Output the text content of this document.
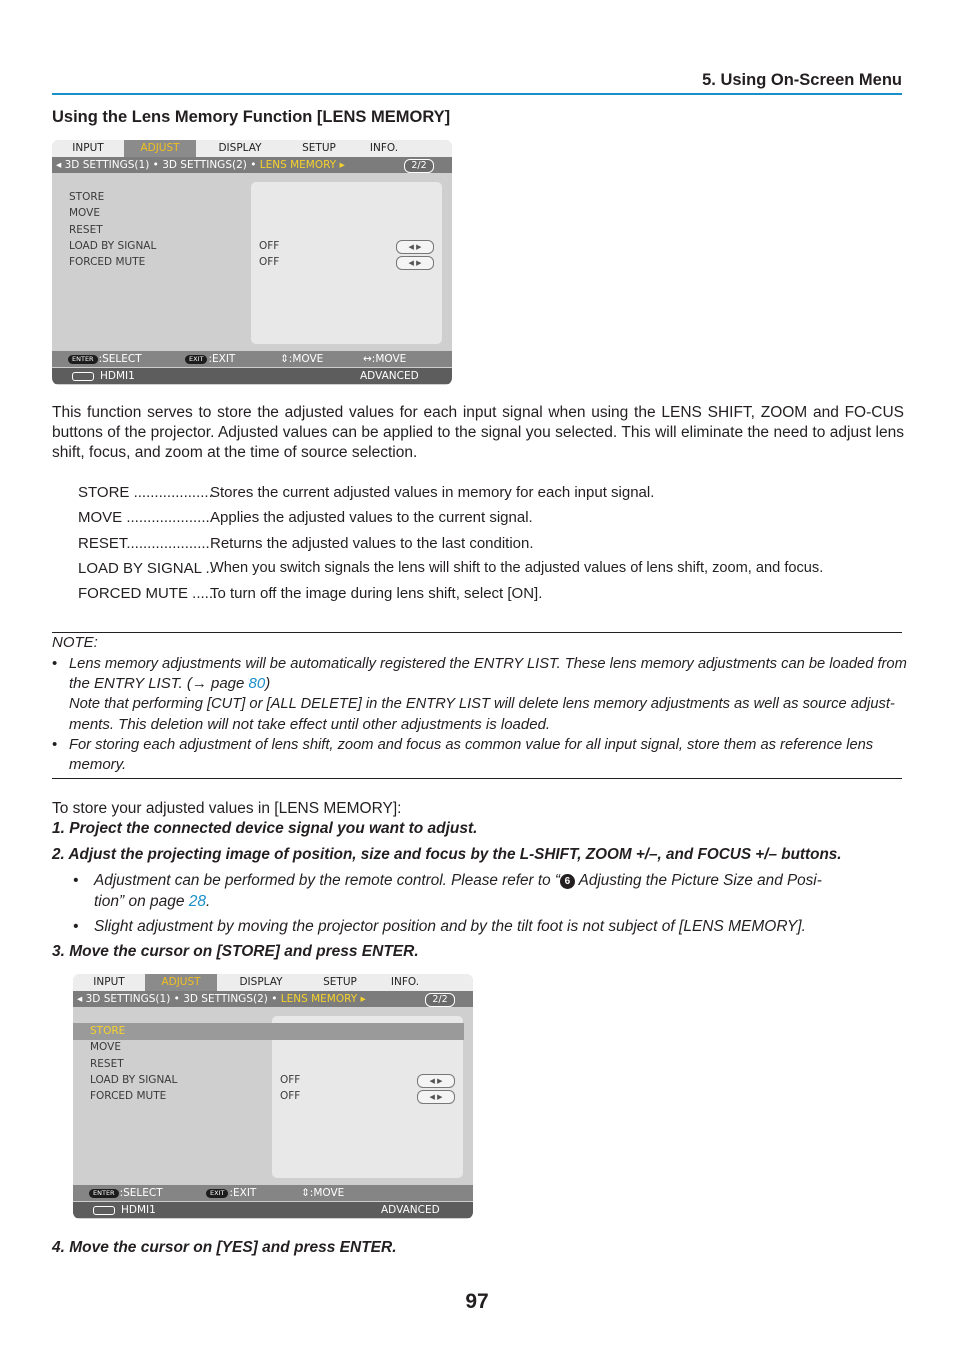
5. Using On-Screen Menu
Using the Lens Memory Function [LENS MEMORY]
INPUT	ADJUST	DISPLAY	SETUP	INFO.
◂ 3D SETTINGS(1) • 3D SETTINGS(2) • LENS MEMORY ▸	2/2
STORE
MOVE
RESET
LOAD BY SIGNAL
FORCED MUTE
OFF	◀ ▶
OFF	◀ ▶
ENTER :SELECT	EXIT :EXIT	⇕:MOVE	↔:MOVE
HDMI1	ADVANCED
This function serves to store the adjusted values for each input signal when using the LENS SHIFT, ZOOM and FO-CUS buttons of the projector. Adjusted values can be applied to the signal you selected. This will eliminate the need to adjust lens shift, focus, and zoom at the time of source selection.
STORE ...................
Stores the current adjusted values in memory for each input signal.
MOVE .................... Applies the adjusted values to the current signal.
RESET.................... Returns the adjusted values to the last condition.
LOAD BY SIGNAL ..
When you switch signals the lens will shift to the adjusted values of lens shift, zoom, and focus.
FORCED MUTE ......
To turn off the image during lens shift, select [ON].
NOTE:
• Lens memory adjustments will be automatically registered the ENTRY LIST. These lens memory adjustments can be loaded from
the ENTRY LIST. (→ page 80)
Note that performing [CUT] or [ALL DELETE] in the ENTRY LIST will delete lens memory adjustments as well as source adjust-
ments. This deletion will not take effect until other adjustments is loaded.
• For storing each adjustment of lens shift, zoom and focus as common value for all input signal, store them as reference lens
memory.
To store your adjusted values in [LENS MEMORY]:
1. Project the connected device signal you want to adjust.
2. Adjust the projecting image of position, size and focus by the L-SHIFT, ZOOM +/–, and FOCUS +/– buttons.
• Adjustment can be performed by the remote control. Please refer to “ 6 Adjusting the Picture Size and Posi-
tion” on page 28.
• Slight adjustment by moving the projector position and by the tilt foot is not subject of [LENS MEMORY].
3. Move the cursor on [STORE] and press ENTER.
INPUT	ADJUST	DISPLAY	SETUP	INFO.
◂ 3D SETTINGS(1) • 3D SETTINGS(2) • LENS MEMORY ▸	2/2
STORE
MOVE
RESET
LOAD BY SIGNAL
FORCED MUTE
OFF	◀ ▶
OFF	◀ ▶
ENTER :SELECT	EXIT :EXIT	⇕:MOVE
HDMI1	ADVANCED
4. Move the cursor on [YES] and press ENTER.
97
